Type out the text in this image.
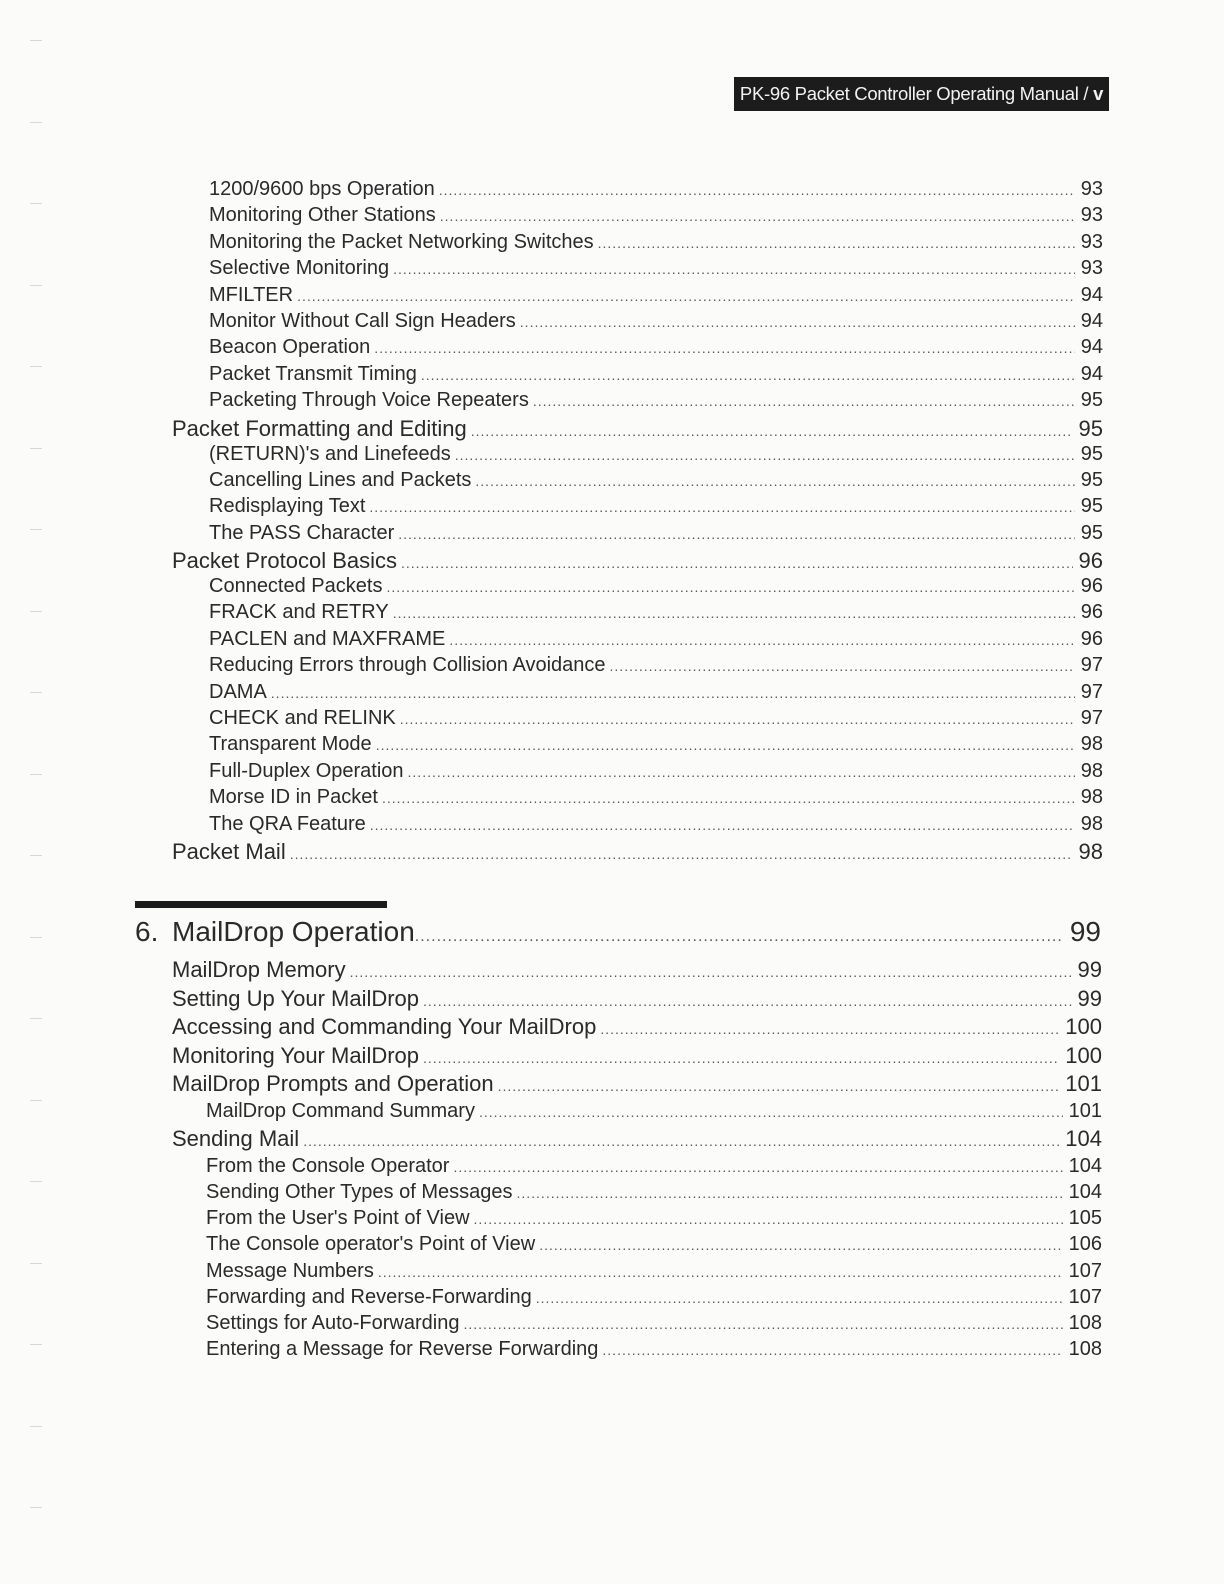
PK-96 Packet Controller Operating Manual / v
1200/9600 bps Operation .....	93
Monitoring Other Stations .....	93
Monitoring the Packet Networking Switches .....	93
Selective Monitoring .....	93
MFILTER .....	94
Monitor Without Call Sign Headers .....	94
Beacon Operation .....	94
Packet Transmit Timing .....	94
Packeting Through Voice Repeaters .....	95
Packet Formatting and Editing .....	95
(RETURN)'s and Linefeeds .....	95
Cancelling Lines and Packets .....	95
Redisplaying Text .....	95
The PASS Character .....	95
Packet Protocol Basics .....	96
Connected Packets .....	96
FRACK and RETRY .....	96
PACLEN and MAXFRAME .....	96
Reducing Errors through Collision Avoidance .....	97
DAMA .....	97
CHECK and RELINK .....	97
Transparent Mode .....	98
Full-Duplex Operation .....	98
Morse ID in Packet .....	98
The QRA Feature .....	98
Packet Mail .....	98
6. MailDrop Operation .....	99
MailDrop Memory .....	99
Setting Up Your MailDrop .....	99
Accessing and Commanding Your MailDrop .....	100
Monitoring Your MailDrop .....	100
MailDrop Prompts and Operation .....	101
MailDrop Command Summary .....	101
Sending Mail .....	104
From the Console Operator .....	104
Sending Other Types of Messages .....	104
From the User's Point of View .....	105
The Console operator's Point of View .....	106
Message Numbers .....	107
Forwarding and Reverse-Forwarding .....	107
Settings for Auto-Forwarding .....	108
Entering a Message for Reverse Forwarding .....	108
